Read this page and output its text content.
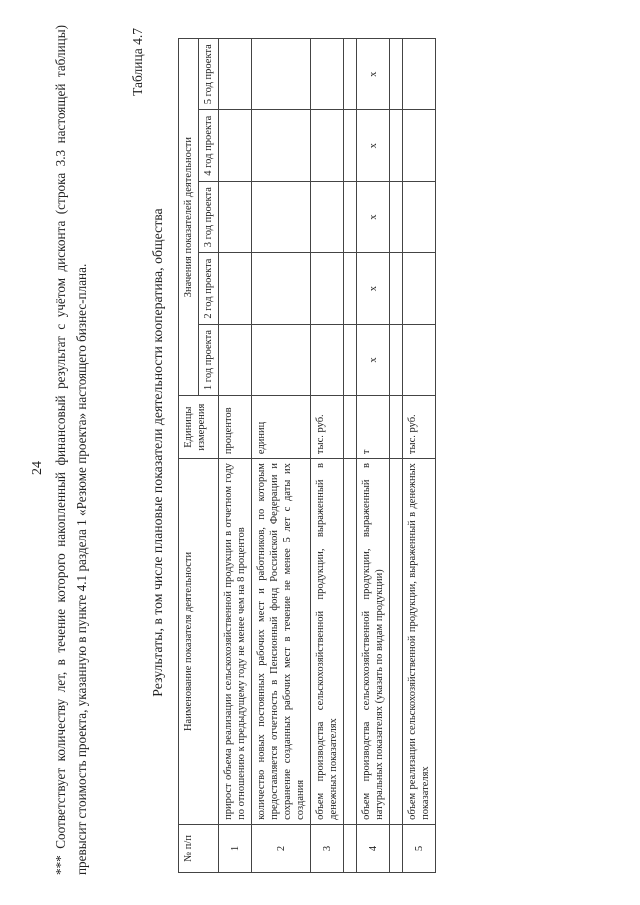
24 *** Соответствует количеству лет, в течение которого накопленный финансовый результат с учётом дисконта (строка 3.3 настоящей таблицы) превысит стоимость проекта, указанную в пункте 4.1 раздела 1 «Резюме проекта» настоящего бизнес-плана.
Таблица 4.7
Результаты, в том числе плановые показатели деятельности кооператива, общества
№ п/п	Наименование показателя деятельности	Единицы измерения	Значения показателей деятельности				
			1 год проекта	2 год проекта	3 год проекта	4 год проекта	5 год проекта
1	прирост объема реализации сельскохозяйственной продукции в отчетном году по отношению к предыдущему году не менее чем на 8 процентов	процентов					
2	количество новых постоянных рабочих мест и работников, по которым предоставляется отчетность в Пенсионный фонд Российской Федерации и сохранение созданных рабочих мест в течение не менее 5 лет с даты их создания	единиц					
3	объем производства сельскохозяйственной продукции, выраженный в денежных показателях	тыс. руб.					

4	объем производства сельскохозяйственной продукции, выраженный в натуральных показателях (указать по видам продукции)	т	х	х	х	х	х

5	объем реализации сельскохозяйственной продукции, выраженный в денежных показателях	тыс. руб.					
